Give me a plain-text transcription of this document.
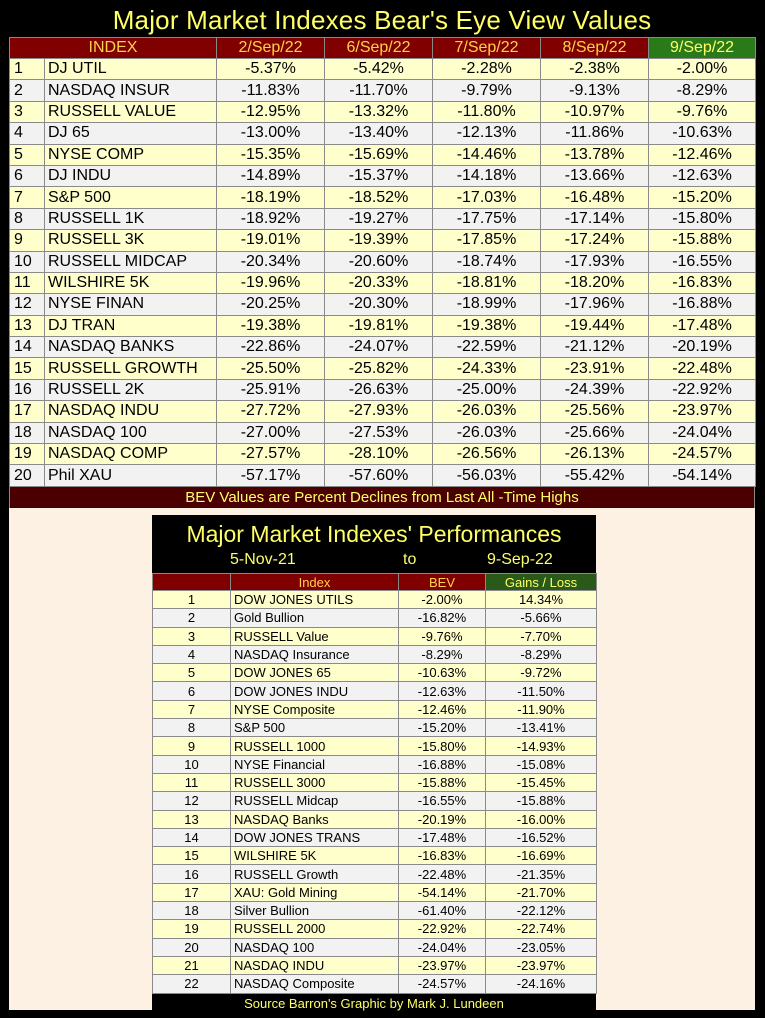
Major Market Indexes Bear's Eye View Values
INDEX		2/Sep/22	6/Sep/22	7/Sep/22	8/Sep/22	9/Sep/22
1	DJ UTIL	-5.37%	-5.42%	-2.28%	-2.38%	-2.00%
2	NASDAQ INSUR	-11.83%	-11.70%	-9.79%	-9.13%	-8.29%
3	RUSSELL VALUE	-12.95%	-13.32%	-11.80%	-10.97%	-9.76%
4	DJ 65	-13.00%	-13.40%	-12.13%	-11.86%	-10.63%
5	NYSE COMP	-15.35%	-15.69%	-14.46%	-13.78%	-12.46%
6	DJ INDU	-14.89%	-15.37%	-14.18%	-13.66%	-12.63%
7	S&P 500	-18.19%	-18.52%	-17.03%	-16.48%	-15.20%
8	RUSSELL 1K	-18.92%	-19.27%	-17.75%	-17.14%	-15.80%
9	RUSSELL 3K	-19.01%	-19.39%	-17.85%	-17.24%	-15.88%
10	RUSSELL MIDCAP	-20.34%	-20.60%	-18.74%	-17.93%	-16.55%
11	WILSHIRE 5K	-19.96%	-20.33%	-18.81%	-18.20%	-16.83%
12	NYSE FINAN	-20.25%	-20.30%	-18.99%	-17.96%	-16.88%
13	DJ TRAN	-19.38%	-19.81%	-19.38%	-19.44%	-17.48%
14	NASDAQ BANKS	-22.86%	-24.07%	-22.59%	-21.12%	-20.19%
15	RUSSELL GROWTH	-25.50%	-25.82%	-24.33%	-23.91%	-22.48%
16	RUSSELL 2K	-25.91%	-26.63%	-25.00%	-24.39%	-22.92%
17	NASDAQ INDU	-27.72%	-27.93%	-26.03%	-25.56%	-23.97%
18	NASDAQ 100	-27.00%	-27.53%	-26.03%	-25.66%	-24.04%
19	NASDAQ COMP	-27.57%	-28.10%	-26.56%	-26.13%	-24.57%
20	Phil XAU	-57.17%	-57.60%	-56.03%	-55.42%	-54.14%
BEV Values are Percent Declines from Last All -Time Highs
Major Market Indexes' Performances
5-Nov-21	to	9-Sep-22
	Index	BEV	Gains / Loss
1	DOW JONES UTILS	-2.00%	14.34%
2	Gold Bullion	-16.82%	-5.66%
3	RUSSELL Value	-9.76%	-7.70%
4	NASDAQ Insurance	-8.29%	-8.29%
5	DOW JONES 65	-10.63%	-9.72%
6	DOW JONES INDU	-12.63%	-11.50%
7	NYSE Composite	-12.46%	-11.90%
8	S&P 500	-15.20%	-13.41%
9	RUSSELL 1000	-15.80%	-14.93%
10	NYSE Financial	-16.88%	-15.08%
11	RUSSELL 3000	-15.88%	-15.45%
12	RUSSELL Midcap	-16.55%	-15.88%
13	NASDAQ Banks	-20.19%	-16.00%
14	DOW JONES TRANS	-17.48%	-16.52%
15	WILSHIRE 5K	-16.83%	-16.69%
16	RUSSELL Growth	-22.48%	-21.35%
17	XAU: Gold Mining	-54.14%	-21.70%
18	Silver Bullion	-61.40%	-22.12%
19	RUSSELL 2000	-22.92%	-22.74%
20	NASDAQ 100	-24.04%	-23.05%
21	NASDAQ INDU	-23.97%	-23.97%
22	NASDAQ Composite	-24.57%	-24.16%
Source Barron's Graphic by Mark J. Lundeen
